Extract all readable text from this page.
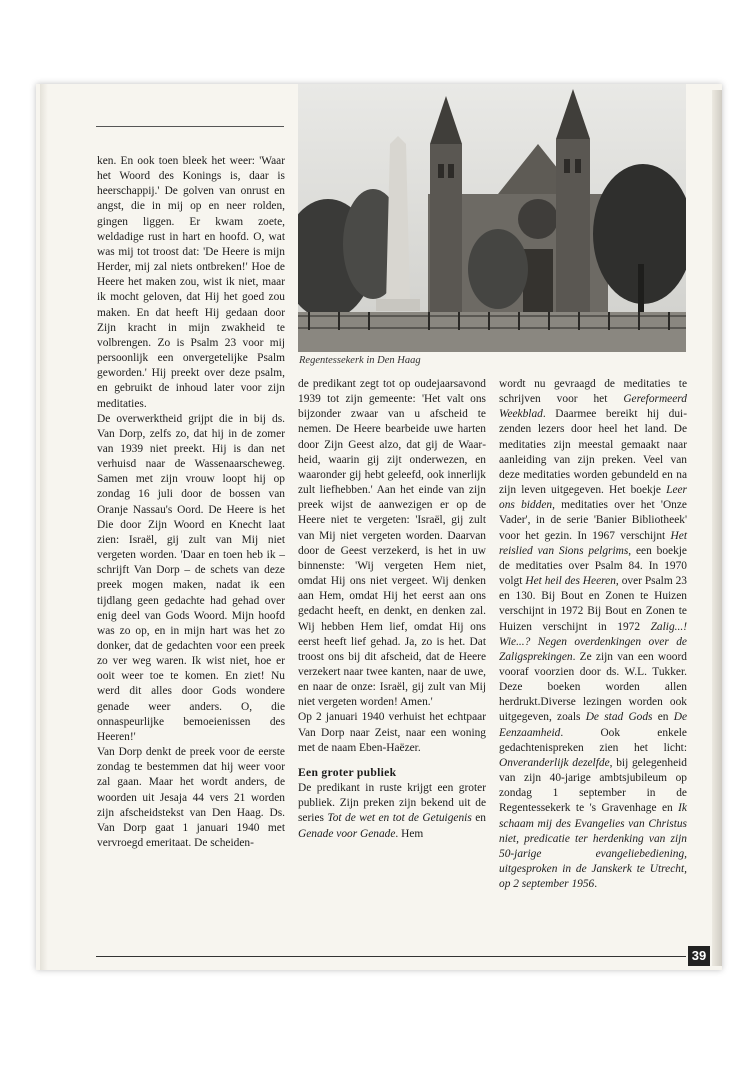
Regentessekerk in Den Haag

ken. En ook toen bleek het weer: 'Waar het Woord des Konings is, daar is heerschappij.' De golven van onrust en angst, die in mij op en neer rolden, gingen liggen. Er kwam zoete, weldadige rust in hart en hoofd. O, wat was mij tot troost dat: 'De Heere is mijn Herder, mij zal niets ontbreken!' Hoe de Heere het maken zou, wist ik niet, maar ik mocht geloven, dat Hij het goed zou maken. En dat heeft Hij gedaan door Zijn kracht in mijn zwakheid te volbrengen. Zo is Psalm 23 voor mij persoonlijk een onvergetelijke Psalm geworden.' Hij preekt over deze psalm, en gebruikt de inhoud later voor zijn meditaties.

De overwerktheid grijpt die in bij ds. Van Dorp, zelfs zo, dat hij in de zomer van 1939 niet preekt. Hij is dan net verhuisd naar de Wassenaarscheweg. Samen met zijn vrouw loopt hij op zondag 16 juli door de bossen van Oranje Nassau's Oord. De Heere is het Die door Zijn Woord en Knecht laat zien: Israël, gij zult van Mij niet vergeten worden. 'Daar en toen heb ik – schrijft Van Dorp – de schets van deze preek mogen maken, nadat ik een tijdlang geen gedachte had gehad over enig deel van Gods Woord. Mijn hoofd was zo op, en in mijn hart was het zo donker, dat de gedachten voor een preek zo ver weg waren. Ik wist niet, hoe er ooit weer toe te komen. En ziet! Nu werd dit alles door Gods wondere genade weer anders. O, die onnaspeurlijke bemoeienissen des Heeren!'

Van Dorp denkt de preek voor de eerste zondag te bestemmen dat hij weer voor zal gaan. Maar het wordt anders, de woorden uit Jesaja 44 vers 21 worden zijn afscheidstekst van Den Haag. Ds. Van Dorp gaat 1 januari 1940 met vervroegd emeritaat. De scheiden-

de predikant zegt tot op oudejaarsavond 1939 tot zijn gemeente: 'Het valt ons bijzonder zwaar van u afscheid te nemen. De Heere bearbeide uwe harten door Zijn Geest alzo, dat gij de Waarheid, waarin gij zijt onderwezen, en waaronder gij hebt geleefd, ook innerlijk zult liefhebben.' Aan het einde van zijn preek wijst de aanwezigen er op de Heere niet te vergeten: 'Israël, gij zult van Mij niet vergeten worden. Daarvan door de Geest verzekerd, is het in uw binnenste: 'Wij vergeten Hem niet, omdat Hij ons niet vergeet. Wij denken aan Hem, omdat Hij het eerst aan ons gedacht heeft, en denkt, en denken zal. Wij hebben Hem lief, omdat Hij ons eerst heeft lief gehad. Ja, zo is het. Dat troost ons bij dit afscheid, dat de Heere verzekert naar twee kanten, naar de uwe, en naar de onze: Israël, gij zult van Mij niet vergeten worden! Amen.'

Op 2 januari 1940 verhuist het echtpaar Van Dorp naar Zeist, naar een woning met de naam Eben-Haëzer.

Een groter publiek

De predikant in ruste krijgt een groter publiek. Zijn preken zijn bekend uit de series Tot de wet en tot de Getuigenis en Genade voor Genade. Hem

wordt nu gevraagd de meditaties te schrijven voor het Gereformeerd Weekblad. Daarmee bereikt hij duizenden lezers door heel het land. De meditaties zijn meestal gemaakt naar aanleiding van zijn preken. Veel van deze meditaties worden gebundeld en na zijn leven uitgegeven. Het boekje Leer ons bidden, meditaties over het 'Onze Vader', in de serie 'Banier Bibliotheek' voor het gezin. In 1967 verschijnt Het reislied van Sions pelgrims, een boekje de meditaties over Psalm 84. In 1970 volgt Het heil des Heeren, over Psalm 23 en 130. Bij Bout en Zonen te Huizen verschijnt in 1972 Bij Bout en Zonen te Huizen verschijnt in 1972 Zalig...! Wie...? Negen overdenkingen over de Zaligsprekingen. Ze zijn van een woord vooraf voorzien door ds. W.L. Tukker. Deze boeken worden allen herdrukt.Diverse lezingen worden ook uitgegeven, zoals De stad Gods en De Eenzaamheid. Ook enkele gedachtenispreken zien het licht: Onveranderlijk dezelfde, bij gelegenheid van zijn 40-jarige ambtsjubileum op zondag 1 september in de Regentessekerk te 's Gravenhage en Ik schaam mij des Evangelies van Christus niet, predicatie ter herdenking van zijn 50-jarige evangeliebediening, uitgesproken in de Janskerk te Utrecht, op 2 september 1956.

39
